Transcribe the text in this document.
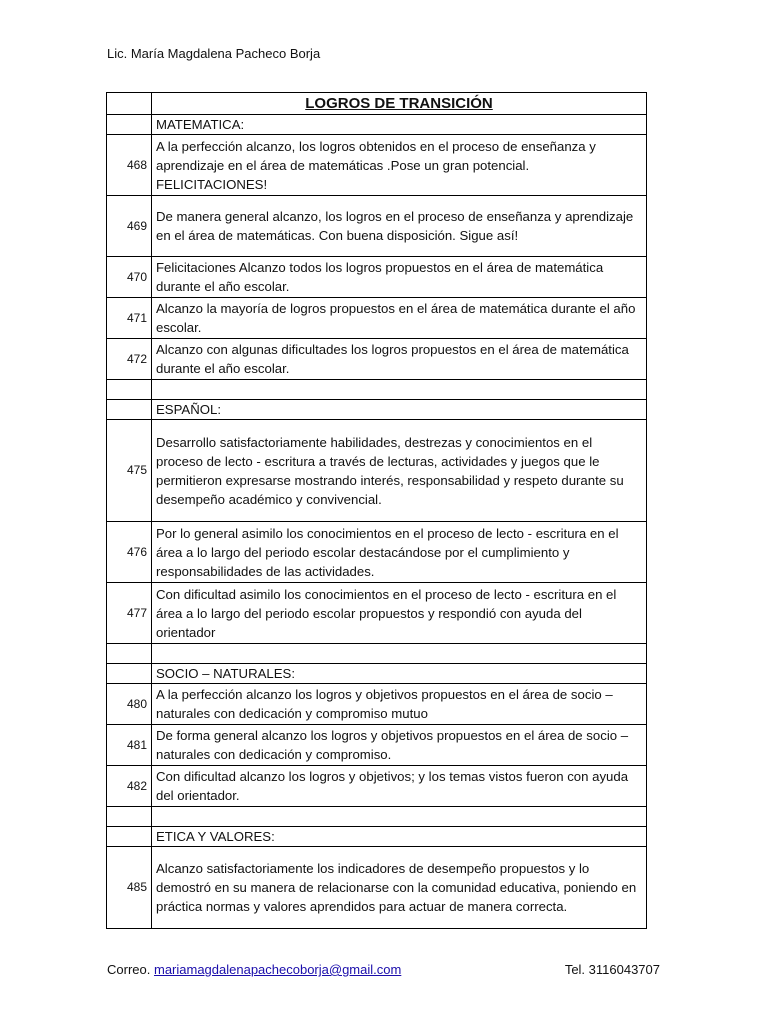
Lic. María Magdalena Pacheco Borja
	LOGROS DE TRANSICIÓN
	MATEMATICA:
468	A la perfección alcanzo, los logros obtenidos en el proceso de enseñanza y aprendizaje en el área de matemáticas .Pose un gran potencial. FELICITACIONES!
469	De manera general alcanzo, los logros en el proceso de enseñanza y aprendizaje en el área de matemáticas. Con buena disposición. Sigue así!
470	Felicitaciones Alcanzo todos los logros propuestos en el área de matemática durante el año escolar.
471	Alcanzo la mayoría de logros propuestos en el área de matemática durante el año escolar.
472	Alcanzo con algunas dificultades los logros propuestos en el área de matemática durante el año escolar.

	ESPAÑOL:
475	Desarrollo satisfactoriamente habilidades, destrezas y conocimientos en el proceso de lecto - escritura a través de lecturas, actividades y juegos que le permitieron expresarse mostrando interés, responsabilidad y respeto durante su desempeño académico y convivencial.
476	Por lo general asimilo los conocimientos en el proceso de lecto - escritura en el área a lo largo del periodo escolar destacándose por el cumplimiento y responsabilidades de las actividades.
477	Con dificultad asimilo los conocimientos en el proceso de lecto - escritura en el área a lo largo del periodo escolar propuestos y respondió con ayuda del orientador

	SOCIO – NATURALES:
480	A la perfección alcanzo los logros y objetivos propuestos en el área de socio – naturales con dedicación y compromiso mutuo
481	De forma general alcanzo los logros y objetivos propuestos en el área de socio – naturales con dedicación y compromiso.
482	Con dificultad alcanzo los logros y objetivos; y los temas vistos fueron con ayuda del orientador.

	ETICA Y VALORES:
485	Alcanzo satisfactoriamente los indicadores de desempeño propuestos y lo demostró en su manera de relacionarse con la comunidad educativa, poniendo en práctica normas y valores aprendidos para actuar de manera correcta.
Correo. mariamagdalenapachecoborja@gmail.com	Tel. 3116043707
